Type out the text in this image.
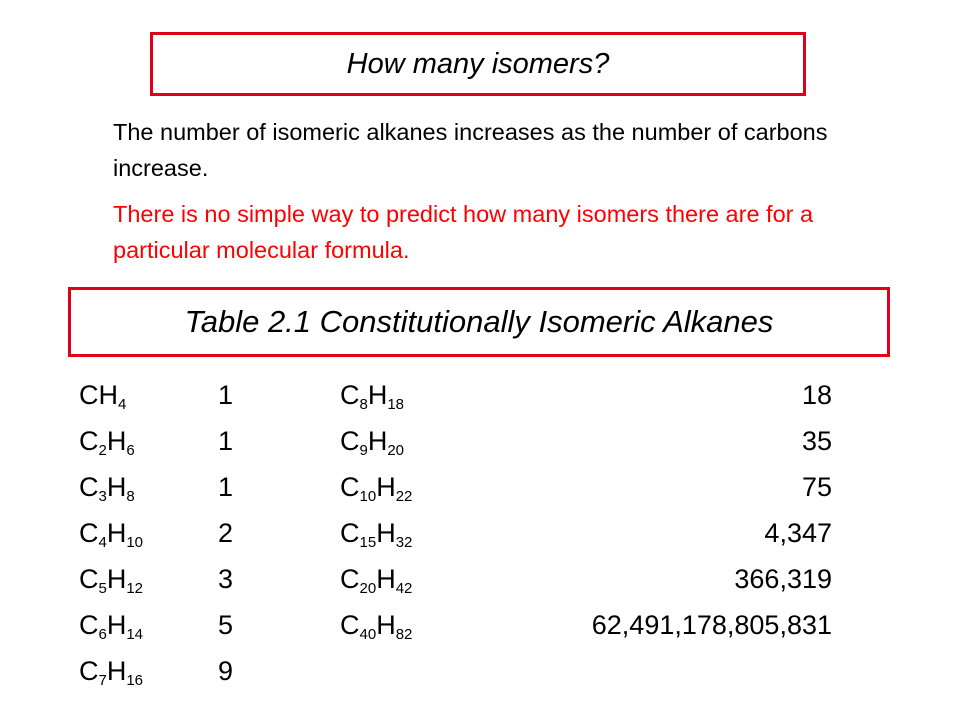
How many isomers?
The number of isomeric alkanes increases as the number of carbons increase.
There is no simple way to predict how many isomers there are for a particular molecular formula.
Table 2.1 Constitutionally Isomeric Alkanes
$CH_4$	1	$C_8H_{18}$	18
$C_2H_6$	1	$C_9H_{20}$	35
$C_3H_8$	1	$C_{10}H_{22}$	75
$C_4H_{10}$	2	$C_{15}H_{32}$	4,347
$C_5H_{12}$	3	$C_{20}H_{42}$	366,319
$C_6H_{14}$	5	$C_{40}H_{82}$	62,491,178,805,831
$C_7H_{16}$	9
